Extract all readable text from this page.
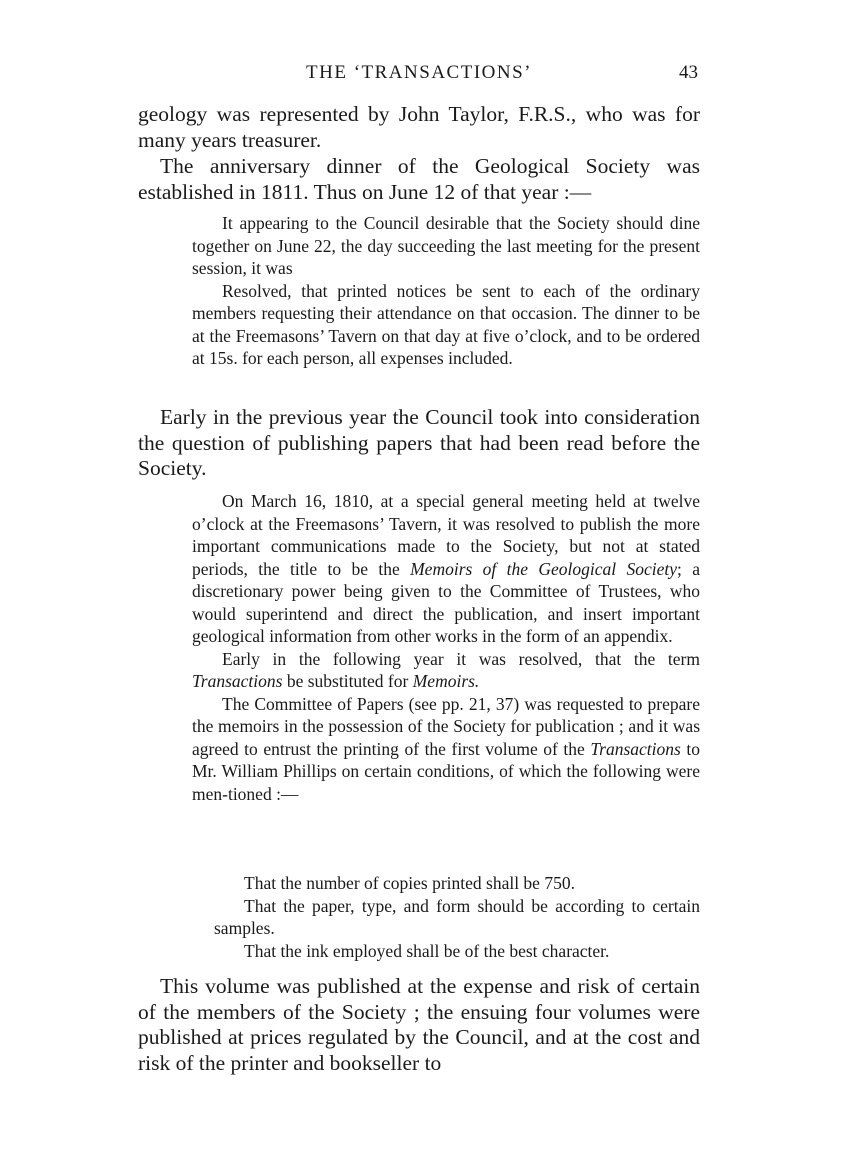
THE ‘TRANSACTIONS’	43

geology was represented by John Taylor, F.R.S., who was for many years treasurer.

The anniversary dinner of the Geological Society was established in 1811. Thus on June 12 of that year :—

It appearing to the Council desirable that the Society should dine together on June 22, the day succeeding the last meeting for the present session, it was

Resolved, that printed notices be sent to each of the ordinary members requesting their attendance on that occasion. The dinner to be at the Freemasons’ Tavern on that day at five o’clock, and to be ordered at 15s. for each person, all expenses included.

Early in the previous year the Council took into consideration the question of publishing papers that had been read before the Society.

On March 16, 1810, at a special general meeting held at twelve o’clock at the Freemasons’ Tavern, it was resolved to publish the more important communications made to the Society, but not at stated periods, the title to be the Memoirs of the Geological Society; a discretionary power being given to the Committee of Trustees, who would superintend and direct the publication, and insert important geological information from other works in the form of an appendix.

Early in the following year it was resolved, that the term Transactions be substituted for Memoirs.

The Committee of Papers (see pp. 21, 37) was requested to prepare the memoirs in the possession of the Society for publication ; and it was agreed to entrust the printing of the first volume of the Transactions to Mr. William Phillips on certain conditions, of which the following were men-tioned :—

That the number of copies printed shall be 750.

That the paper, type, and form should be according to certain samples.

That the ink employed shall be of the best character.

This volume was published at the expense and risk of certain of the members of the Society ; the ensuing four volumes were published at prices regulated by the Council, and at the cost and risk of the printer and bookseller to
